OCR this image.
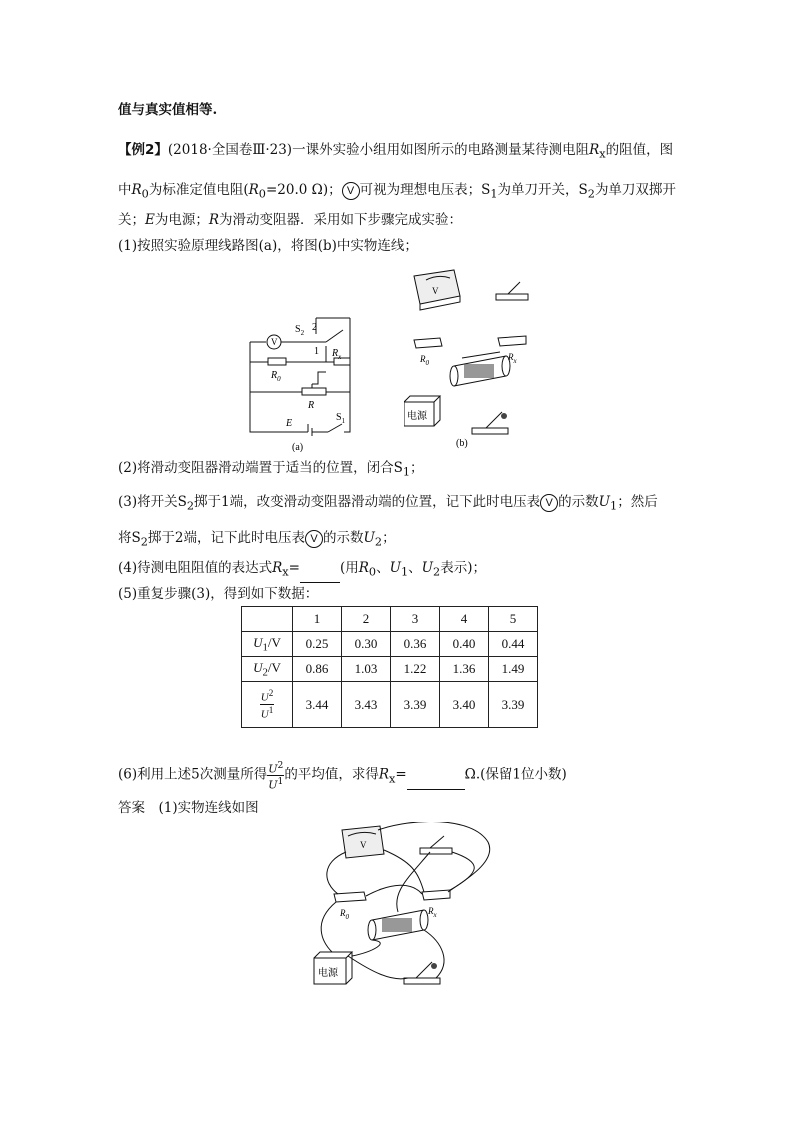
值与真实值相等.
【例2】(2018·全国卷Ⅲ·23)一课外实验小组用如图所示的电路测量某待测电阻$R_x$的阻值，图
中$R_0$为标准定值电阻($R_0=20.0$ Ω)； V 可视为理想电压表；$S_1$为单刀开关，$S_2$为单刀双掷开
关；E为电源；R为滑动变阻器．采用如下步骤完成实验：
(1)按照实验原理线路图(a)，将图(b)中实物连线；
V
$S_2$ 2
1
$R_0$
$R_x$
R
E
$S_1$
(a)
V
$R_0$
$R_x$
电源
(b)
(2)将滑动变阻器滑动端置于适当的位置，闭合$S_1$；
(3)将开关$S_2$掷于1端，改变滑动变阻器滑动端的位置，记下此时电压表 V 的示数$U_1$；然后
将$S_2$掷于2端，记下此时电压表 V 的示数$U_2$；
(4)待测电阻阻值的表达式$R_x=$	(用$R_0$、$U_1$、$U_2$表示)；
(5)重复步骤(3)，得到如下数据：
	1	2	3	4	5
$U_1/V$	0.25	0.30	0.36	0.40	0.44
$U_2/V$	0.86	1.03	1.22	1.36	1.49

$\frac{U^2}{U^1}$	3.44	3.43	3.39	3.40	3.39
(6)利用上述5次测量所得 $\frac{U^2}{U^1}$ 的平均值，求得$R_x=$	Ω.(保留1位小数)
答案　 (1)实物连线如图
V
$R_0$
$R_x$
电源
